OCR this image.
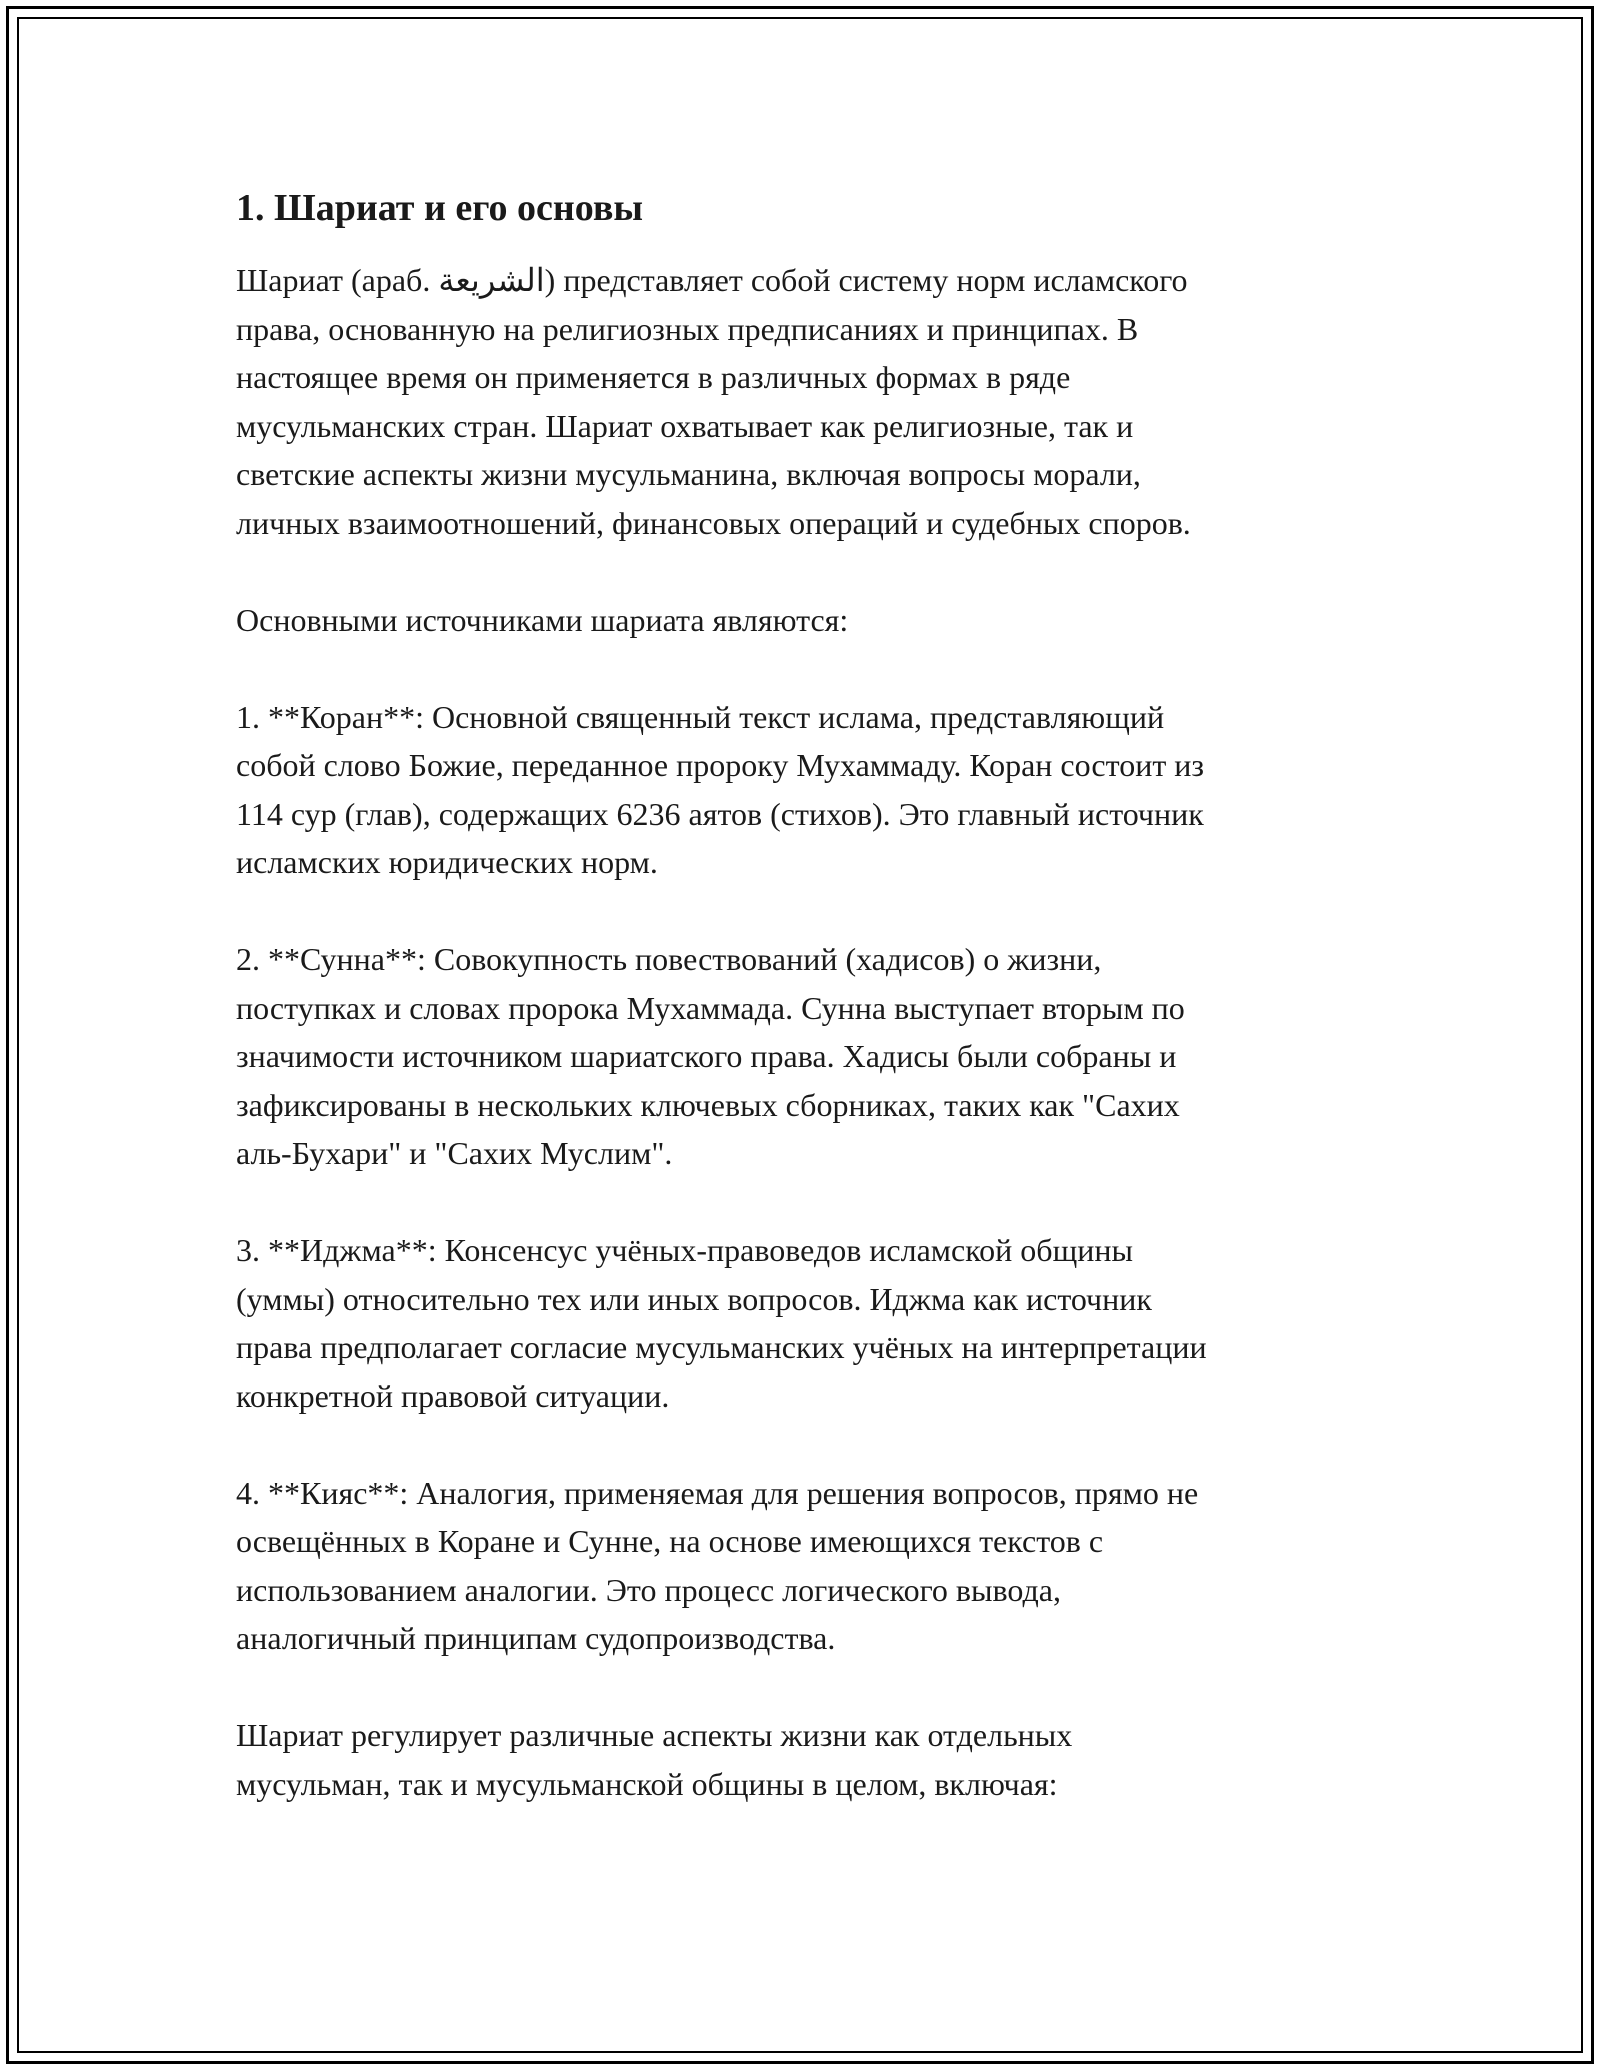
1. Шариат и его основы

Шариат (араб. الشريعة) представляет собой систему норм исламского
права, основанную на религиозных предписаниях и принципах. В
настоящее время он применяется в различных формах в ряде
мусульманских стран. Шариат охватывает как религиозные, так и
светские аспекты жизни мусульманина, включая вопросы морали,
личных взаимоотношений, финансовых операций и судебных споров.

Основными источниками шариата являются:

1. **Коран**: Основной священный текст ислама, представляющий
собой слово Божие, переданное пророку Мухаммаду. Коран состоит из
114 сур (глав), содержащих 6236 аятов (стихов). Это главный источник
исламских юридических норм.

2. **Сунна**: Совокупность повествований (хадисов) о жизни,
поступках и словах пророка Мухаммада. Сунна выступает вторым по
значимости источником шариатского права. Хадисы были собраны и
зафиксированы в нескольких ключевых сборниках, таких как "Сахих
аль-Бухари" и "Сахих Муслим".

3. **Иджма**: Консенсус учёных-правоведов исламской общины
(уммы) относительно тех или иных вопросов. Иджма как источник
права предполагает согласие мусульманских учёных на интерпретации
конкретной правовой ситуации.

4. **Кияс**: Аналогия, применяемая для решения вопросов, прямо не
освещённых в Коране и Сунне, на основе имеющихся текстов с
использованием аналогии. Это процесс логического вывода,
аналогичный принципам судопроизводства.

Шариат регулирует различные аспекты жизни как отдельных
мусульман, так и мусульманской общины в целом, включая:
